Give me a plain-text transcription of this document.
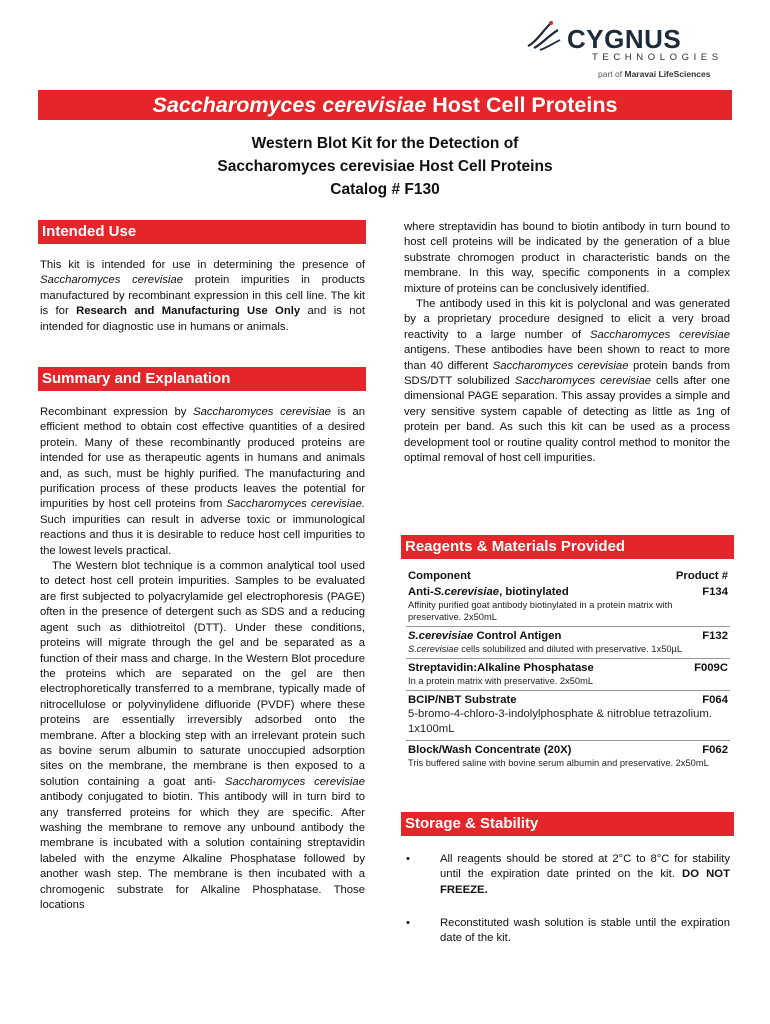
CYGNUS
TECHNOLOGIES
part of Maravai LifeSciences
Saccharomyces cerevisiae Host Cell Proteins
Western Blot Kit for the Detection of
Saccharomyces cerevisiae Host Cell Proteins
Catalog # F130
Intended Use

This kit is intended for use in determining the presence of Saccharomyces cerevisiae protein impurities in products manufactured by recombinant expression in this cell line. The kit is for Research and Manufacturing Use Only and is not intended for diagnostic use in humans or animals.

Summary and Explanation

Recombinant expression by Saccharomyces cerevisiae is an efficient method to obtain cost effective quantities of a desired protein. Many of these recombinantly produced proteins are intended for use as therapeutic agents in humans and animals and, as such, must be highly purified. The manufacturing and purification process of these products leaves the potential for impurities by host cell proteins from Saccharomyces cerevisiae. Such impurities can result in adverse toxic or immunological reactions and thus it is desirable to reduce host cell impurities to the lowest levels practical.

The Western blot technique is a common analytical tool used to detect host cell protein impurities. Samples to be evaluated are first subjected to polyacrylamide gel electrophoresis (PAGE) often in the presence of detergent such as SDS and a reducing agent such as dithiotreitol (DTT). Under these conditions, proteins will migrate through the gel and be separated as a function of their mass and charge. In the Western Blot procedure the proteins which are separated on the gel are then electrophoretically transferred to a membrane, typically made of nitrocellulose or polyvinylidene difluoride (PVDF) where these proteins are essentially irreversibly adsorbed onto the membrane. After a blocking step with an irrelevant protein such as bovine serum albumin to saturate unoccupied adsorption sites on the membrane, the membrane is then exposed to a solution containing a goat anti- Saccharomyces cerevisiae antibody conjugated to biotin. This antibody will in turn bird to any transferred proteins for which they are specific. After washing the membrane to remove any unbound antibody the membrane is incubated with a solution containing streptavidin labeled with the enzyme Alkaline Phosphatase followed by another wash step. The membrane is then incubated with a chromogenic substrate for Alkaline Phosphatase. Those locations

where streptavidin has bound to biotin antibody in turn bound to host cell proteins will be indicated by the generation of a blue substrate chromogen product in characteristic bands on the membrane. In this way, specific components in a complex mixture of proteins can be conclusively identified.

The antibody used in this kit is polyclonal and was generated by a proprietary procedure designed to elicit a very broad reactivity to a large number of Saccharomyces cerevisiae antigens. These antibodies have been shown to react to more than 40 different Saccharomyces cerevisiae protein bands from SDS/DTT solubilized Saccharomyces cerevisiae cells after one dimensional PAGE separation. This assay provides a simple and very sensitive system capable of detecting as little as 1ng of protein per band. As such this kit can be used as a process development tool or routine quality control method to monitor the optimal removal of host cell impurities.

Reagents & Materials Provided
Component	Product #
Anti-S.cerevisiae, biotinylated	F134
Affinity purified goat antibody biotinylated in a protein matrix with preservative. 2x50mL	
S.cerevisiae Control Antigen	F132
S.cerevisiae cells solubilized and diluted with preservative. 1x50µL	
Streptavidin:Alkaline Phosphatase	F009C
In a protein matrix with preservative. 2x50mL	
BCIP/NBT Substrate	F064
5-bromo-4-chloro-3-indolylphosphate & nitroblue tetrazolium. 1x100mL	
Block/Wash Concentrate (20X)	F062
Tris buffered saline with bovine serum albumin and preservative. 2x50mL	
Storage & Stability
•	All reagents should be stored at 2°C to 8°C for stability until the expiration date printed on the kit. DO NOT FREEZE.
•	Reconstituted wash solution is stable until the expiration date of the kit.
